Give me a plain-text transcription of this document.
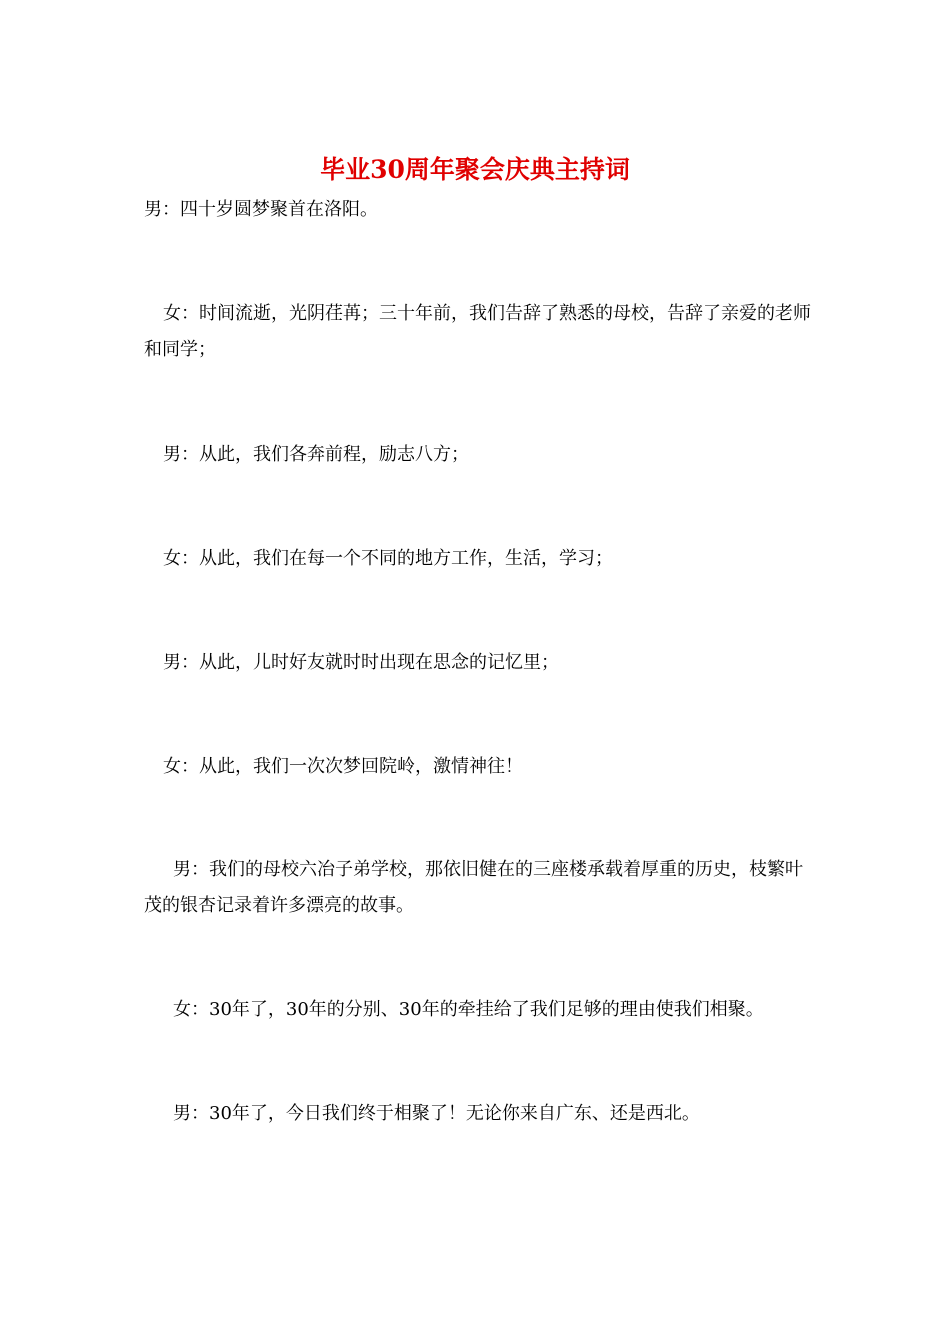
毕业30周年聚会庆典主持词

男：四十岁圆梦聚首在洛阳。

女：时间流逝，光阴荏苒；三十年前，我们告辞了熟悉的母校，告辞了亲爱的老师和同学；

男：从此，我们各奔前程，励志八方；

女：从此，我们在每一个不同的地方工作，生活，学习；

男：从此，儿时好友就时时出现在思念的记忆里；

女：从此，我们一次次梦回院岭，激情神往！

男：我们的母校六冶子弟学校，那依旧健在的三座楼承载着厚重的历史，枝繁叶茂的银杏记录着许多漂亮的故事。

女：30年了，30年的分别、30年的牵挂给了我们足够的理由使我们相聚。

男：30年了，今日我们终于相聚了！无论你来自广东、还是西北。
